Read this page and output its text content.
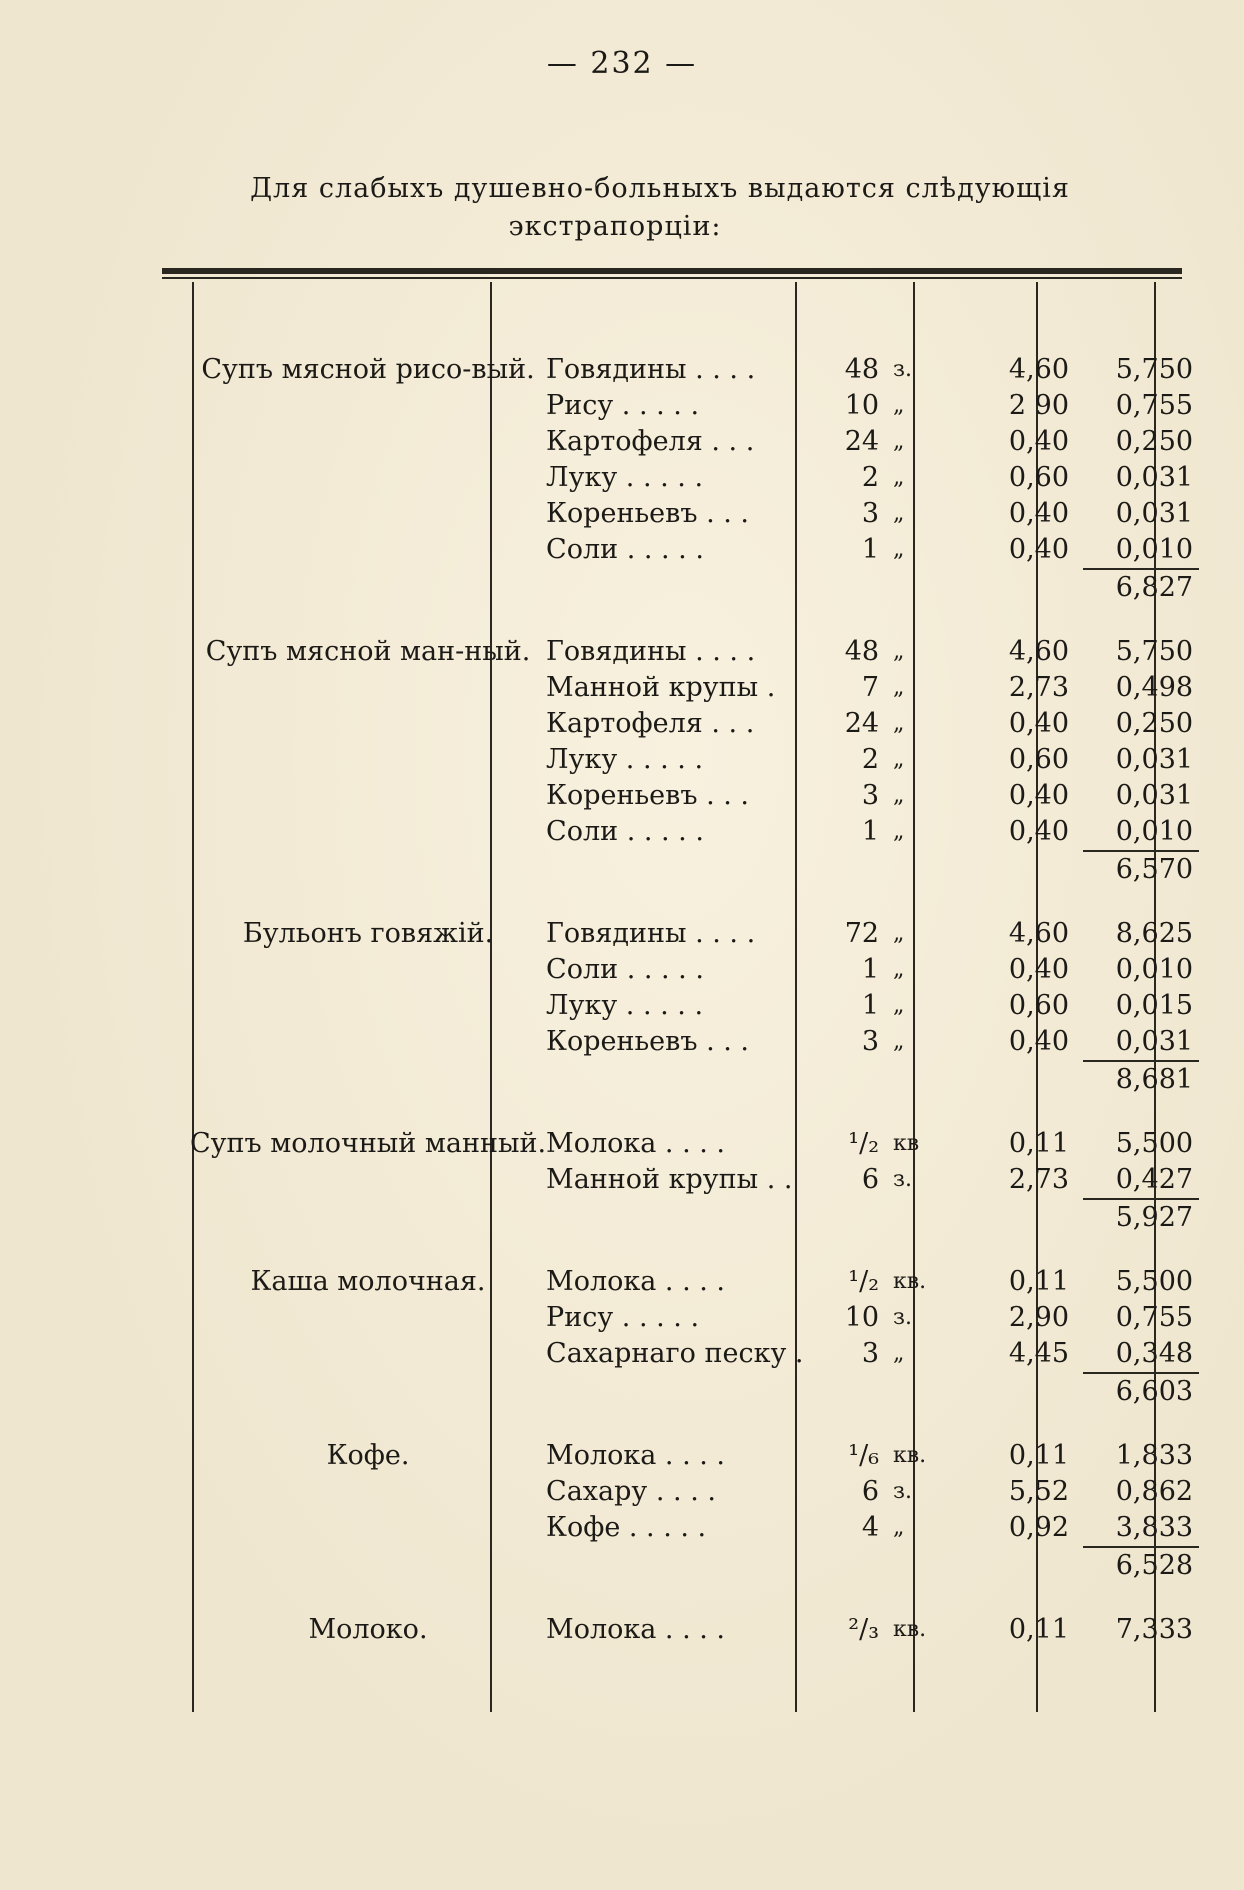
— 232 —
Для слабыхъ душевно-больныхъ выдаются слѣдующія
экстрапорціи:
Супъ мясной рисо-вый.	Говядины . . . .	48	з.	4,60	5,750
	Рису . . . . .	10	„	2 90	0,755
	Картофеля . . .	24	„	0,40	0,250
	Луку . . . . .	2	„	0,60	0,031
	Кореньевъ . . .	3	„	0,40	0,031
	Соли . . . . .	1	„	0,40	0,010
					6,827

Супъ мясной ман-ный.	Говядины . . . .	48	„	4,60	5,750
	Манной крупы .	7	„	2,73	0,498
	Картофеля . . .	24	„	0,40	0,250
	Луку . . . . .	2	„	0,60	0,031
	Кореньевъ . . .	3	„	0,40	0,031
	Соли . . . . .	1	„	0,40	0,010
					6,570

Бульонъ говяжій.	Говядины . . . .	72	„	4,60	8,625
	Соли . . . . .	1	„	0,40	0,010
	Луку . . . . .	1	„	0,60	0,015
	Кореньевъ . . .	3	„	0,40	0,031
					8,681

Супъ молочный манный.	Молока . . . .	¹/₂	кв	0,11	5,500
	Манной крупы . .	6	з.	2,73	0,427
					5,927

Каша молочная.	Молока . . . .	¹/₂	кв.	0,11	5,500
	Рису . . . . .	10	з.	2,90	0,755
	Сахарнаго песку .	3	„	4,45	0,348
					6,603

Кофе.	Молока . . . .	¹/₆	кв.	0,11	1,833
	Сахару . . . .	6	з.	5,52	0,862
	Кофе . . . . .	4	„	0,92	3,833
					6,528

Молоко.	Молока . . . .	²/₃	кв.	0,11	7,333
